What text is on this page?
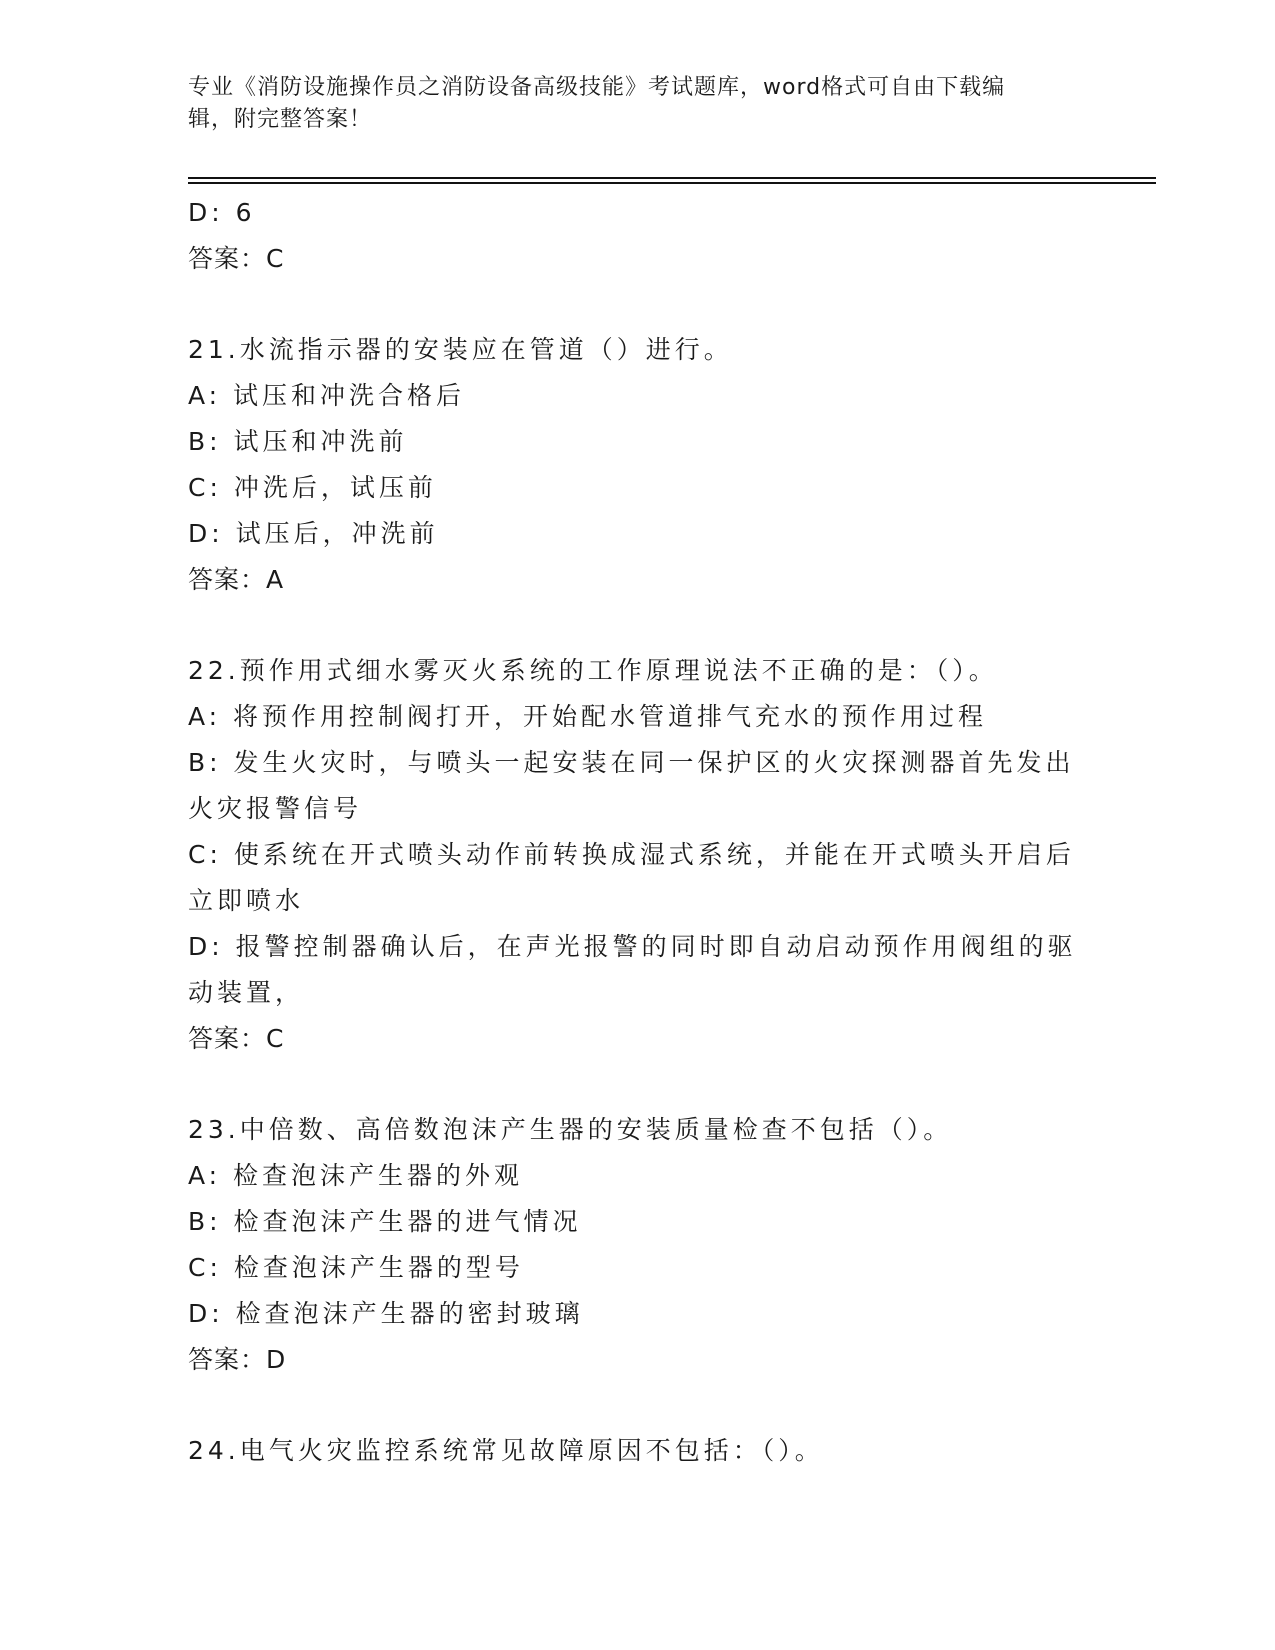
专业《消防设施操作员之消防设备高级技能》考试题库，word格式可自由下载编
辑，附完整答案！
D: 6
答案：C
21.水流指示器的安装应在管道（）进行。
A: 试压和冲洗合格后
B: 试压和冲洗前
C: 冲洗后，试压前
D: 试压后，冲洗前
答案：A
22.预作用式细水雾灭火系统的工作原理说法不正确的是：（）。
A: 将预作用控制阀打开，开始配水管道排气充水的预作用过程
B: 发生火灾时，与喷头一起安装在同一保护区的火灾探测器首先发出
火灾报警信号
C: 使系统在开式喷头动作前转换成湿式系统，并能在开式喷头开启后
立即喷水
D: 报警控制器确认后，在声光报警的同时即自动启动预作用阀组的驱
动装置，
答案：C
23.中倍数、高倍数泡沫产生器的安装质量检查不包括（）。
A: 检查泡沫产生器的外观
B: 检查泡沫产生器的进气情况
C: 检查泡沫产生器的型号
D: 检查泡沫产生器的密封玻璃
答案：D
24.电气火灾监控系统常见故障原因不包括：（）。
